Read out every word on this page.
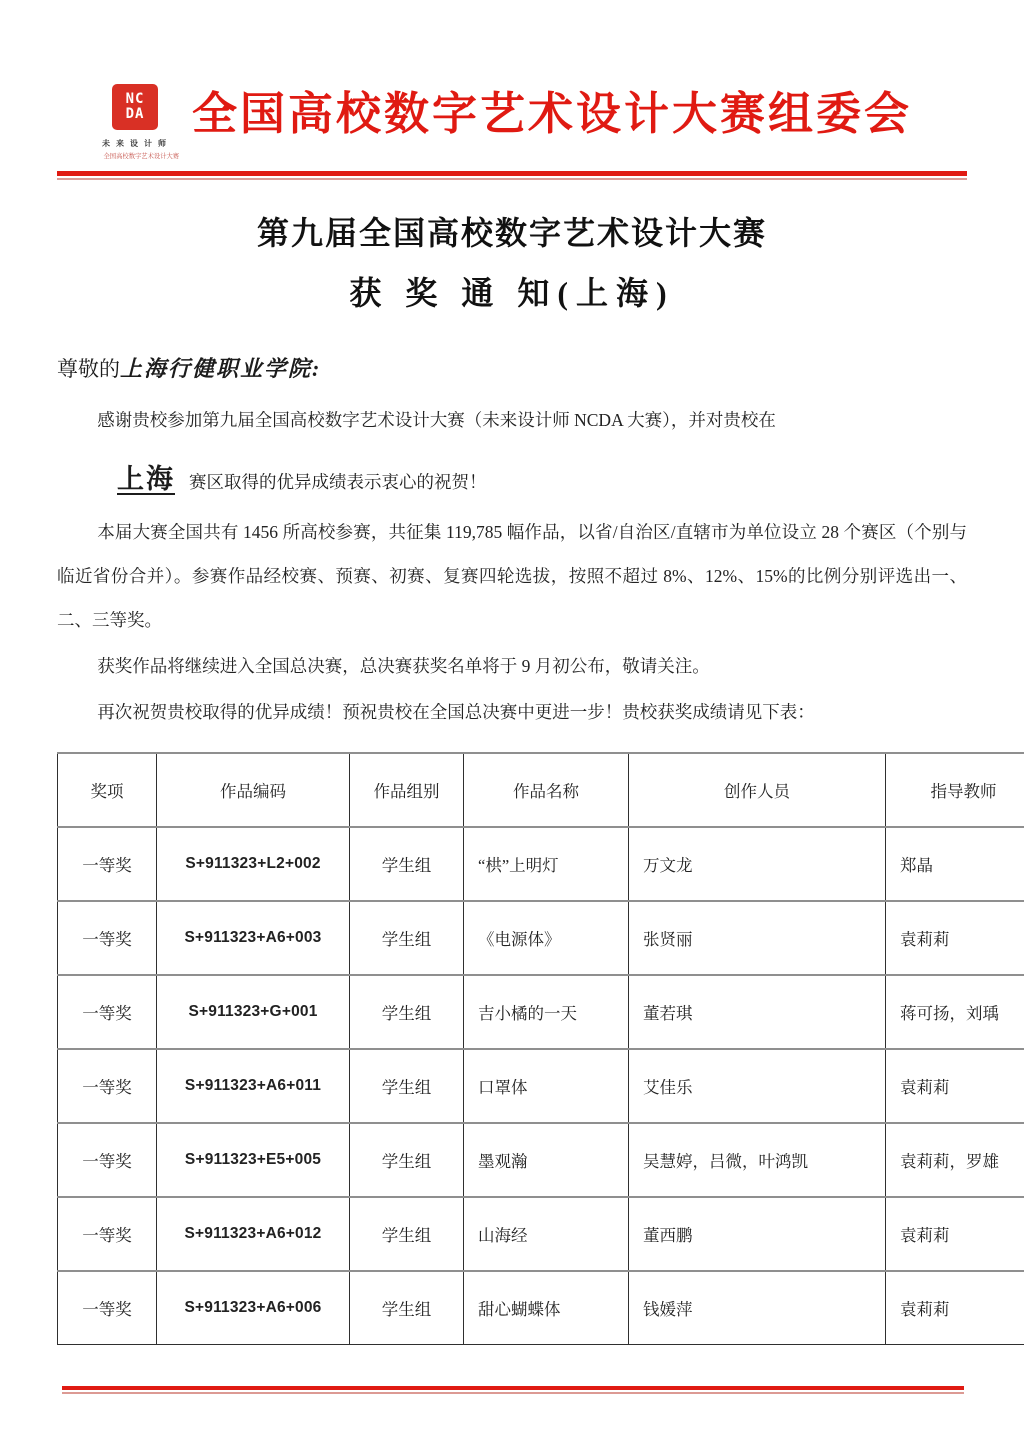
NC
DA
未 来 设 计 师
全国高校数字艺术设计大赛
全国高校数字艺术设计大赛组委会
第九届全国高校数字艺术设计大赛
获 奖 通 知(上海)
尊敬的上海行健职业学院:
感谢贵校参加第九届全国高校数字艺术设计大赛（未来设计师 NCDA 大赛），并对贵校在
上海 赛区取得的优异成绩表示衷心的祝贺！
本届大赛全国共有 1456 所高校参赛，共征集 119,785 幅作品，以省/自治区/直辖市为单位设立 28 个赛区（个别与临近省份合并）。参赛作品经校赛、预赛、初赛、复赛四轮选拔，按照不超过 8%、12%、15%的比例分别评选出一、二、三等奖。
获奖作品将继续进入全国总决赛，总决赛获奖名单将于 9 月初公布，敬请关注。
再次祝贺贵校取得的优异成绩！预祝贵校在全国总决赛中更进一步！贵校获奖成绩请见下表：
奖项	作品编码	作品组别	作品名称	创作人员	指导教师
一等奖	S+911323+L2+002	学生组	“栱”上明灯	万文龙	郑晶
一等奖	S+911323+A6+003	学生组	《电源体》	张贤丽	袁莉莉
一等奖	S+911323+G+001	学生组	吉小橘的一天	董若琪	蒋可扬，刘瑀
一等奖	S+911323+A6+011	学生组	口罩体	艾佳乐	袁莉莉
一等奖	S+911323+E5+005	学生组	墨观瀚	吴慧婷，吕微，叶鸿凯	袁莉莉，罗雄
一等奖	S+911323+A6+012	学生组	山海经	董西鹏	袁莉莉
一等奖	S+911323+A6+006	学生组	甜心蝴蝶体	钱媛萍	袁莉莉
